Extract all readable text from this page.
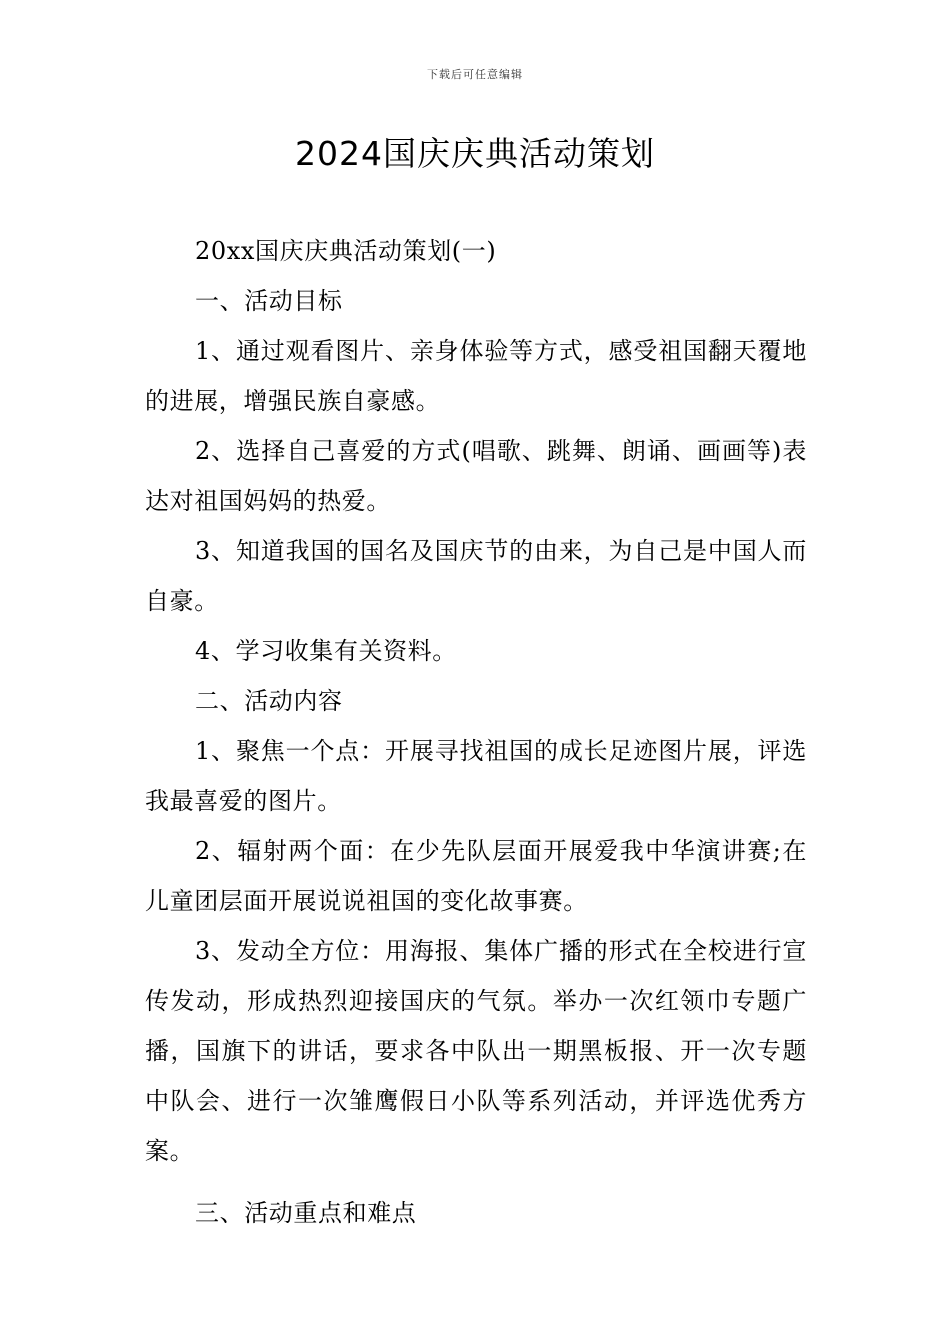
下载后可任意编辑
2024国庆庆典活动策划

20xx国庆庆典活动策划(一)

一、活动目标

1、通过观看图片、亲身体验等方式，感受祖国翻天覆地的进展，增强民族自豪感。

2、选择自己喜爱的方式(唱歌、跳舞、朗诵、画画等)表达对祖国妈妈的热爱。

3、知道我国的国名及国庆节的由来，为自己是中国人而自豪。

4、学习收集有关资料。

二、活动内容

1、聚焦一个点：开展寻找祖国的成长足迹图片展，评选我最喜爱的图片。

2、辐射两个面：在少先队层面开展爱我中华演讲赛;在儿童团层面开展说说祖国的变化故事赛。

3、发动全方位：用海报、集体广播的形式在全校进行宣传发动，形成热烈迎接国庆的气氛。举办一次红领巾专题广播，国旗下的讲话，要求各中队出一期黑板报、开一次专题中队会、进行一次雏鹰假日小队等系列活动，并评选优秀方案。

三、活动重点和难点
